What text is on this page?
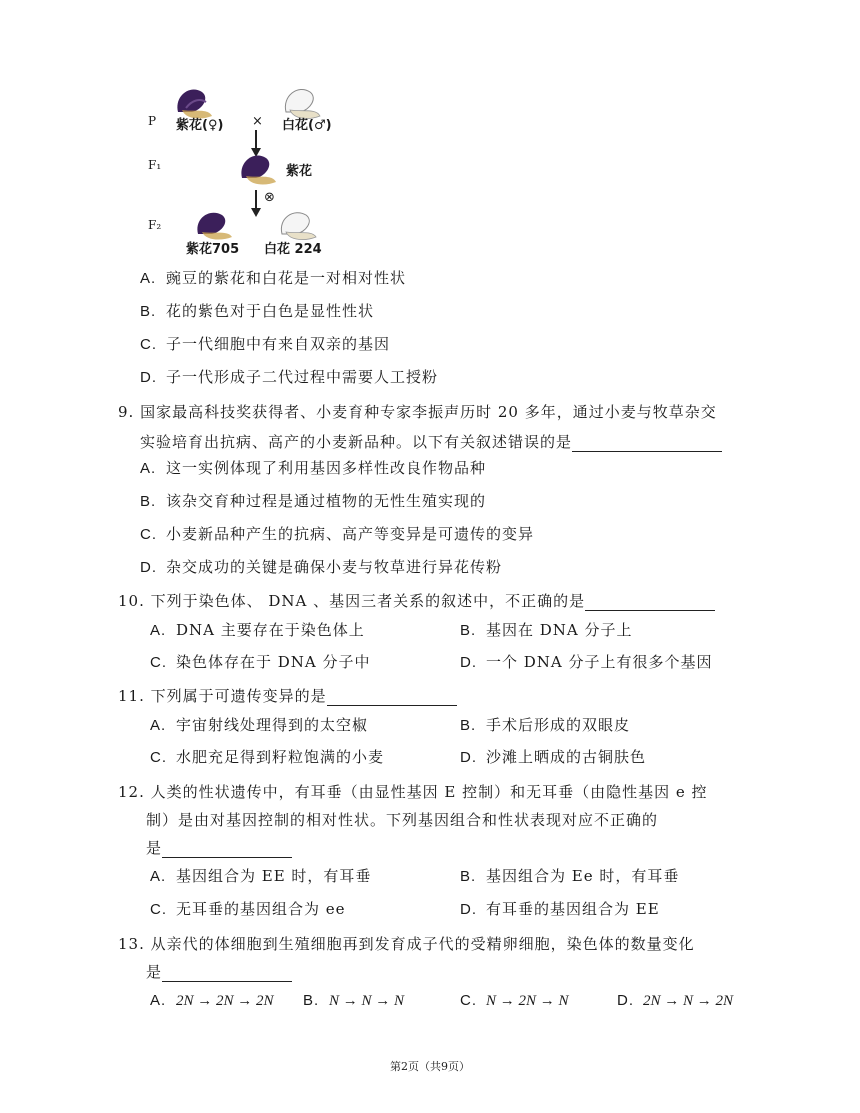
P
F₁
F₂
紫花(♀) × 白花(♂)
紫花
⊗
紫花705 白花 224
A. 豌豆的紫花和白花是一对相对性状
B. 花的紫色对于白色是显性性状
C. 子一代细胞中有来自双亲的基因
D. 子一代形成子二代过程中需要人工授粉
9. 国家最高科技奖获得者、小麦育种专家李振声历时 20 多年，通过小麦与牧草杂交
实验培育出抗病、高产的小麦新品种。以下有关叙述错误的是
A. 这一实例体现了利用基因多样性改良作物品种
B. 该杂交育种过程是通过植物的无性生殖实现的
C. 小麦新品种产生的抗病、高产等变异是可遗传的变异
D. 杂交成功的关键是确保小麦与牧草进行异花传粉
10. 下列于染色体、 DNA 、基因三者关系的叙述中，不正确的是
A. DNA 主要存在于染色体上	B. 基因在 DNA 分子上
C. 染色体存在于 DNA 分子中	D. 一个 DNA 分子上有很多个基因
11. 下列属于可遗传变异的是
A. 宇宙射线处理得到的太空椒	B. 手术后形成的双眼皮
C. 水肥充足得到籽粒饱满的小麦	D. 沙滩上晒成的古铜肤色
12. 人类的性状遗传中，有耳垂（由显性基因 E 控制）和无耳垂（由隐性基因 e 控
制）是由对基因控制的相对性状。下列基因组合和性状表现对应不正确的
是
A. 基因组合为 EE 时，有耳垂	B. 基因组合为 Ee 时，有耳垂
C. 无耳垂的基因组合为 ee	D. 有耳垂的基因组合为 EE
13. 从亲代的体细胞到生殖细胞再到发育成子代的受精卵细胞，染色体的数量变化
是
A. 2N → 2N → 2N B. N → N → N	C. N → 2N → N	D. 2N → N → 2N
第2页（共9页）
